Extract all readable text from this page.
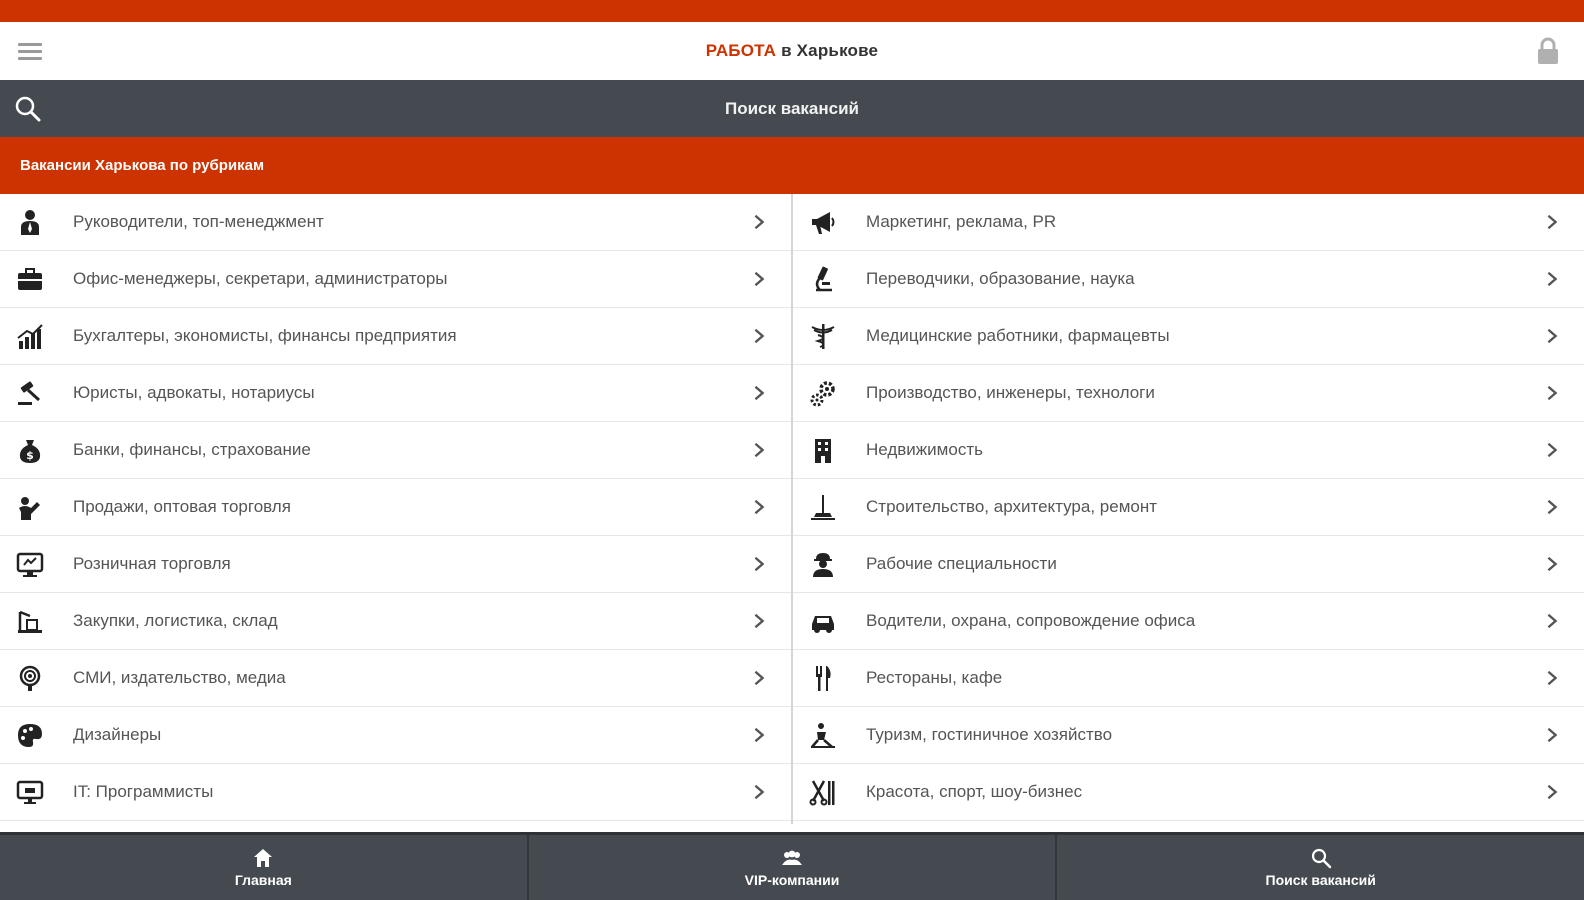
РАБОТА в Харькове
Поиск вакансий
Вакансии Харькова по рубрикам
Руководители, топ-менеджмент
Офис-менеджеры, секретари, администраторы
Бухгалтеры, экономисты, финансы предприятия
Юристы, адвокаты, нотариусы
$ Банки, финансы, страхование
Продажи, оптовая торговля
Розничная торговля
Закупки, логистика, склад
СМИ, издательство, медиа
Дизайнеры
IT: Программисты
Маркетинг, реклама, PR
Переводчики, образование, наука
Медицинские работники, фармацевты
Производство, инженеры, технологи
Недвижимость
Строительство, архитектура, ремонт
Рабочие специальности
Водители, охрана, сопровождение офиса
Рестораны, кафе
Туризм, гостиничное хозяйство
Красота, спорт, шоу-бизнес
Главная	VIP-компании	Поиск вакансий
